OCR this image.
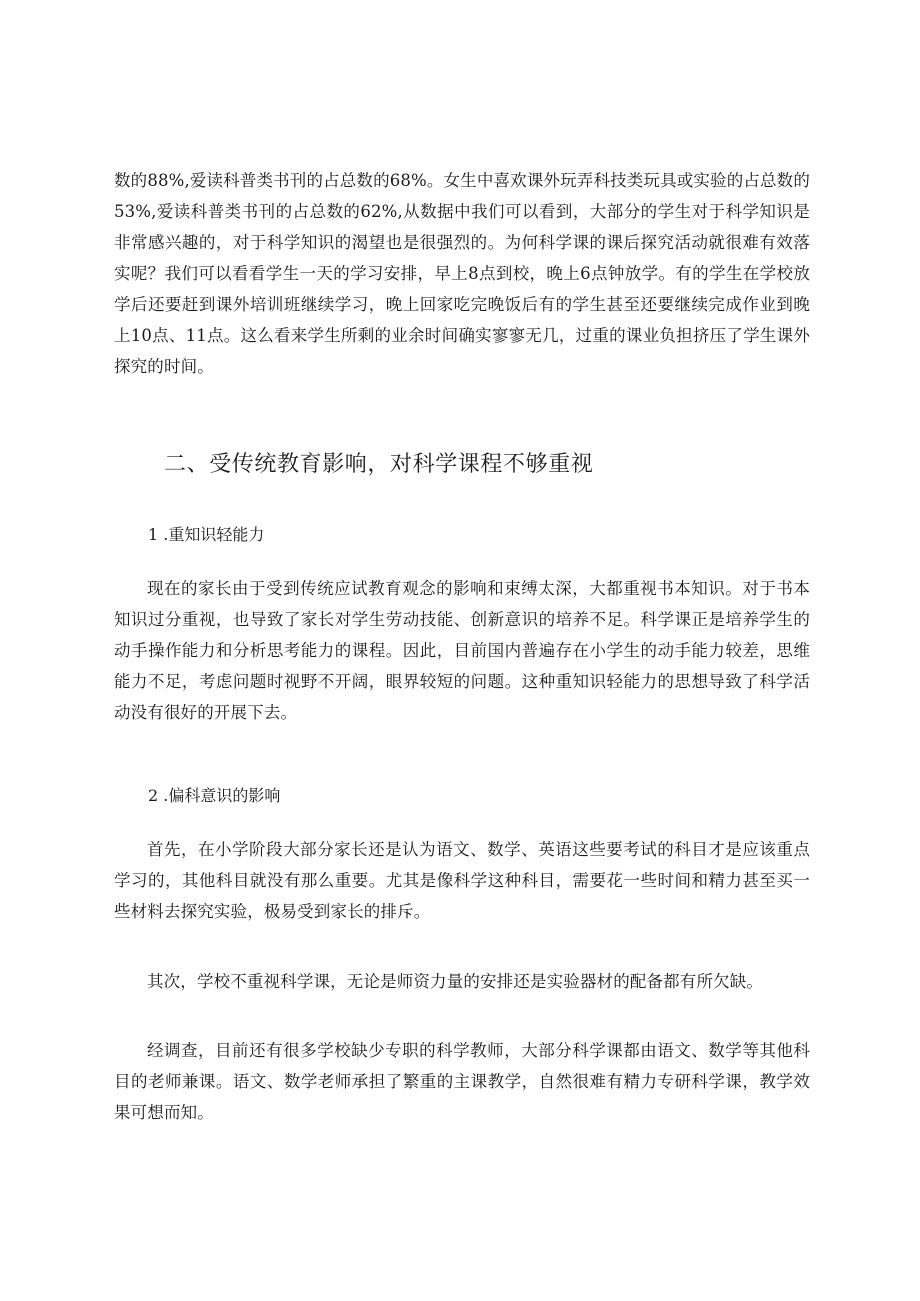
数的88%,爱读科普类书刊的占总数的68%。女生中喜欢课外玩弄科技类玩具或实验的占总数的53%,爱读科普类书刊的占总数的62%,从数据中我们可以看到，大部分的学生对于科学知识是非常感兴趣的，对于科学知识的渴望也是很强烈的。为何科学课的课后探究活动就很难有效落实呢？我们可以看看学生一天的学习安排，早上8点到校，晚上6点钟放学。有的学生在学校放学后还要赶到课外培训班继续学习，晚上回家吃完晚饭后有的学生甚至还要继续完成作业到晚上10点、11点。这么看来学生所剩的业余时间确实寥寥无几，过重的课业负担挤压了学生课外探究的时间。

二、受传统教育影响，对科学课程不够重视

1 .重知识轻能力

现在的家长由于受到传统应试教育观念的影响和束缚太深，大都重视书本知识。对于书本知识过分重视，也导致了家长对学生劳动技能、创新意识的培养不足。科学课正是培养学生的动手操作能力和分析思考能力的课程。因此，目前国内普遍存在小学生的动手能力较差，思维能力不足，考虑问题时视野不开阔，眼界较短的问题。这种重知识轻能力的思想导致了科学活动没有很好的开展下去。

2 .偏科意识的影响

首先，在小学阶段大部分家长还是认为语文、数学、英语这些要考试的科目才是应该重点学习的，其他科目就没有那么重要。尤其是像科学这种科目，需要花一些时间和精力甚至买一些材料去探究实验，极易受到家长的排斥。

其次，学校不重视科学课，无论是师资力量的安排还是实验器材的配备都有所欠缺。

经调查，目前还有很多学校缺少专职的科学教师，大部分科学课都由语文、数学等其他科目的老师兼课。语文、数学老师承担了繁重的主课教学，自然很难有精力专研科学课，教学效果可想而知。
